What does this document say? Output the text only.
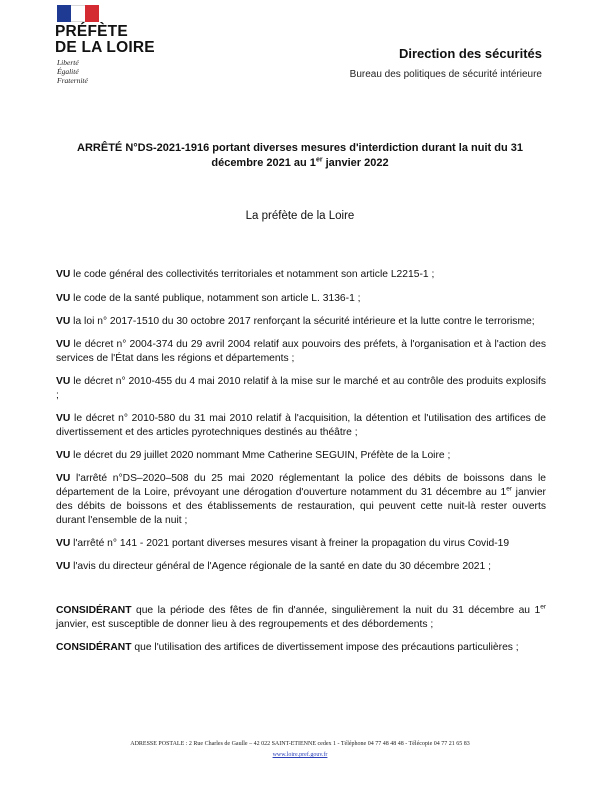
PRÉFÈTE
DE LA LOIRE
Liberté
Égalité
Fraternité
Direction des sécurités
Bureau des politiques de sécurité intérieure
ARRÊTÉ N°DS-2021-1916 portant diverses mesures d'interdiction durant la nuit du 31
décembre 2021 au 1er janvier 2022
La préfète de la Loire
VU le code général des collectivités territoriales et notamment son article L2215-1 ;
VU le code de la santé publique, notamment son article L. 3136-1 ;
VU la loi n° 2017-1510 du 30 octobre 2017 renforçant la sécurité intérieure et la lutte contre le terrorisme;
VU le décret n° 2004-374 du 29 avril 2004 relatif aux pouvoirs des préfets, à l'organisation et à l'action des services de l'État dans les régions et départements ;
VU le décret n° 2010-455 du 4 mai 2010 relatif à la mise sur le marché et au contrôle des produits explosifs ;
VU le décret n° 2010-580 du 31 mai 2010 relatif à l'acquisition, la détention et l'utilisation des artifices de divertissement et des articles pyrotechniques destinés au théâtre ;
VU le décret du 29 juillet 2020 nommant Mme Catherine SEGUIN, Préfète de la Loire ;
VU l'arrêté n°DS–2020–508 du 25 mai 2020 réglementant la police des débits de boissons dans le département de la Loire, prévoyant une dérogation d'ouverture notamment du 31 décembre au 1er janvier des débits de boissons et des établissements de restauration, qui peuvent cette nuit-là rester ouverts durant l'ensemble de la nuit ;
VU l'arrêté n° 141 - 2021 portant diverses mesures visant à freiner la propagation du virus Covid-19
VU l'avis du directeur général de l'Agence régionale de la santé en date du 30 décembre 2021 ;
CONSIDÉRANT que la période des fêtes de fin d'année, singulièrement la nuit du 31 décembre au 1er janvier, est susceptible de donner lieu à des regroupements et des débordements ;
CONSIDÉRANT que l'utilisation des artifices de divertissement impose des précautions particulières ;
ADRESSE POSTALE : 2 Rue Charles de Gaulle – 42 022 SAINT-ETIENNE cedex 1 - Téléphone 04 77 48 48 48 - Télécopie 04 77 21 65 83
www.loire.pref.gouv.fr
